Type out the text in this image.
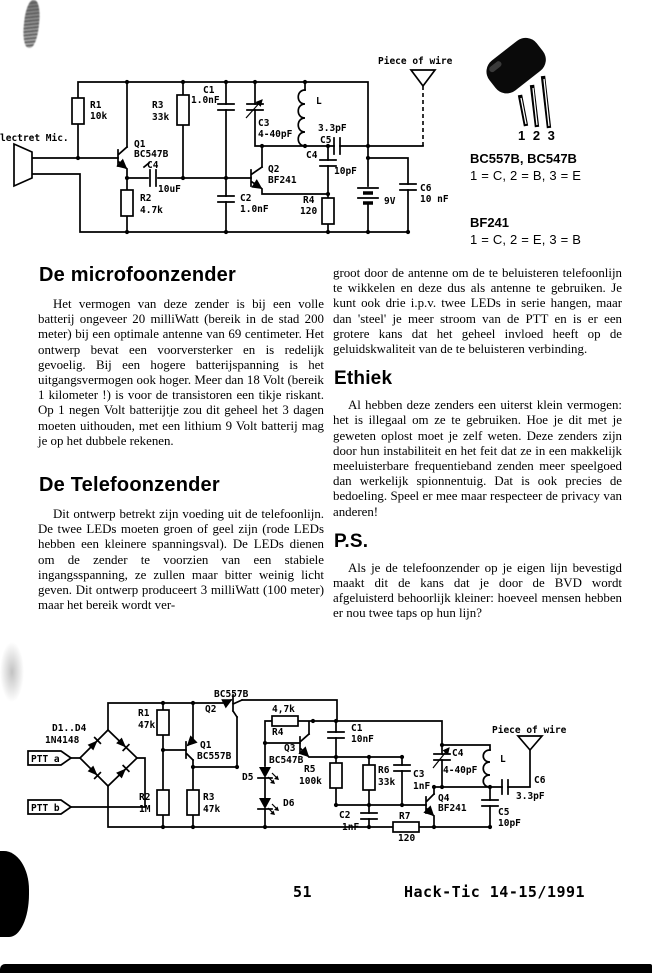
Piece of wire
lectret Mic.
R1
10k
R3
33k
C1
1.0nF
Q1
BC547B
C4
10uF
R2
4.7k
C2
1.0nF
C3
4-40pF
L
Q2
BF241
3.3pF
C5
C4
10pF
R4
120
9V
C6
10 nF
1 2 3
BC557B, BC547B
1 = C, 2 = B, 3 = E
BF241
1 = C, 2 = E, 3 = B
De microfoonzender

Het vermogen van deze zender is bij een volle batterij ongeveer 20 milliWatt (bereik in de stad 200 meter) bij een optimale antenne van 69 centimeter. Het ontwerp bevat een voorversterker en is redelijk gevoelig. Bij een hogere batterijspanning is het uitgangsvermogen ook hoger. Meer dan 18 Volt (bereik 1 kilometer !) is voor de transistoren een tikje riskant. Op 1 negen Volt batterijtje zou dit geheel het 3 dagen moeten uithouden, met een lithium 9 Volt batterij mag je op het dubbele rekenen.

De Telefoonzender

Dit ontwerp betrekt zijn voeding uit de telefoonlijn. De twee LEDs moeten groen of geel zijn (rode LEDs hebben een kleinere spanningsval). De LEDs dienen om de zender te voorzien van een stabiele ingangsspanning, ze zullen maar bitter weinig licht geven. Dit ontwerp produceert 3 milliWatt (100 meter) maar het bereik wordt ver-

groot door de antenne om de te beluisteren telefoonlijn te wikkelen en deze dus als antenne te gebruiken. Je kunt ook drie i.p.v. twee LEDs in serie hangen, maar dan 'steel' je meer stroom van de PTT en is er een grotere kans dat het geheel invloed heeft op de geluidskwaliteit van de te beluisteren verbinding.

Ethiek

Al hebben deze zenders een uiterst klein vermogen: het is illegaal om ze te gebruiken. Hoe je dit met je geweten oplost moet je zelf weten. Deze zenders zijn door hun instabiliteit en het feit dat ze in een makkelijk meeluisterbare frequentieband zenden meer speelgoed dan werkelijk spionnentuig. Dat is ook precies de bedoeling. Speel er mee maar respecteer de privacy van anderen!

P.S.

Als je de telefoonzender op je eigen lijn bevestigd maakt dit de kans dat je door de BVD wordt afgeluisterd behoorlijk kleiner: hoeveel mensen hebben er nou twee taps op hun lijn?

PTT a
PTT b
D1..D4
1N4148
R1
47k
R2
1M
R3
47k
Q1
BC557B
BC557B
Q2	4,7k
R4
Q3
BC547B
D5
D6
R5
100k
C1
10nF
R6
33k
C3
1nF
C2
1nF
R7
120
Q4
BF241
C4
4-40pF
L
C6
3.3pF
C5
10pF
Piece of wire
51	Hack-Tic 14-15/1991
